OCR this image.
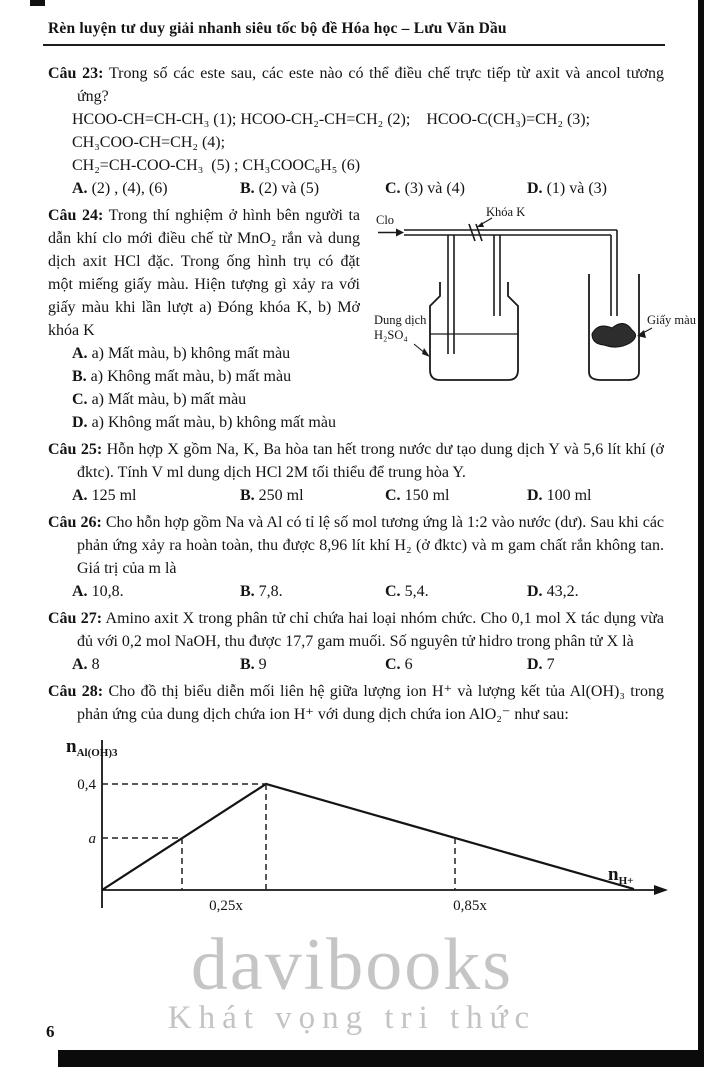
Rèn luyện tư duy giải nhanh siêu tốc bộ đề Hóa học – Lưu Văn Dầu

Câu 23: Trong số các este sau, các este nào có thể điều chế trực tiếp từ axit và ancol tương ứng?

HCOO-CH=CH-CH₃ (1); HCOO-CH₂-CH=CH₂ (2);    HCOO-C(CH₃)=CH₂ (3);
CH₃COO-CH=CH₂ (4);
CH₂=CH-COO-CH₃  (5) ; CH₃COOC₆H₅ (6)
A. (2) , (4), (6)	B. (2) và (5)	C. (3) và (4)	D. (1) và (3)

Câu 24: Trong thí nghiệm ở hình bên người ta dẫn khí clo mới điều chế từ MnO₂ rắn và dung dịch axit HCl đặc. Trong ống hình trụ có đặt một miếng giấy màu. Hiện tượng gì xảy ra với giấy màu khi lần lượt a) Đóng khóa K, b) Mở khóa K

A. a) Mất màu, b) không mất màu
B. a) Không mất màu, b) mất màu
C. a) Mất màu, b) mất màu
D. a) Không mất màu, b) không mất màu
Clo
Khóa K
Dung dịch
H₂SO₄
Giấy màu

Câu 25: Hỗn hợp X gồm Na, K, Ba hòa tan hết trong nước dư tạo dung dịch Y và 5,6 lít khí (ở đktc). Tính V ml dung dịch HCl 2M tối thiểu để trung hòa Y.

A. 125 ml	B. 250 ml	C. 150 ml	D. 100 ml

Câu 26: Cho hỗn hợp gồm Na và Al có tỉ lệ số mol tương ứng là 1:2 vào nước (dư). Sau khi các phản ứng xảy ra hoàn toàn, thu được 8,96 lít khí H₂ (ở đktc) và m gam chất rắn không tan. Giá trị của m là

A. 10,8.	B. 7,8.	C. 5,4.	D. 43,2.

Câu 27: Amino axit X trong phân tử chỉ chứa hai loại nhóm chức. Cho 0,1 mol X tác dụng vừa đủ với 0,2 mol NaOH, thu được 17,7 gam muối. Số nguyên tử hidro trong phân tử X là

A. 8	B. 9	C. 6	D. 7

Câu 28: Cho đồ thị biểu diễn mối liên hệ giữa lượng ion H⁺ và lượng kết tủa Al(OH)₃ trong phản ứng của dung dịch chứa ion H⁺ với dung dịch chứa ion AlO₂⁻ như sau:

0,4
a
0,25x	0,85x
$n_{Al(OH)3}$
$n_{H+}$
davibooks
Khát vọng tri thức
6
